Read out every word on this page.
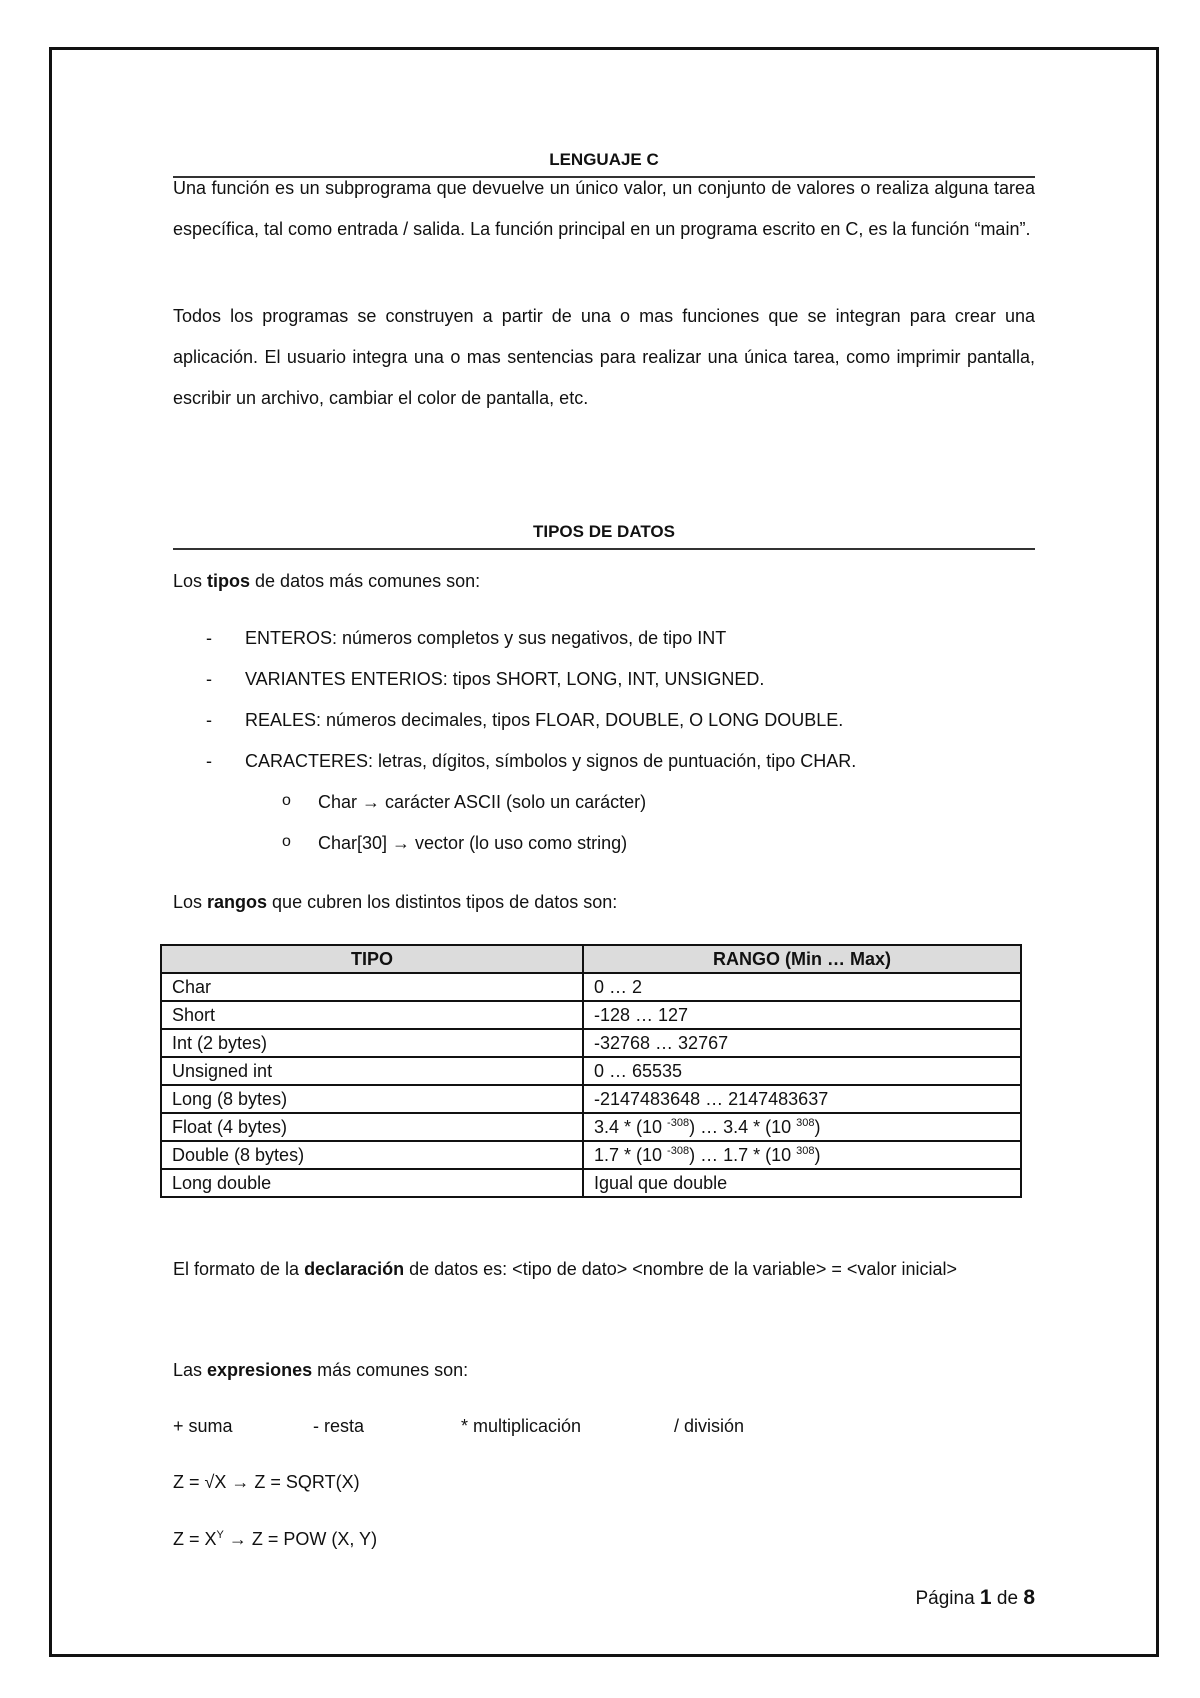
LENGUAJE C
Una función es un subprograma que devuelve un único valor, un conjunto de valores o realiza alguna tarea específica, tal como entrada / salida. La función principal en un programa escrito en C, es la función “main”.
Todos los programas se construyen a partir de una o mas funciones que se integran para crear una aplicación. El usuario integra una o mas sentencias para realizar una única tarea, como imprimir pantalla, escribir un archivo, cambiar el color de pantalla, etc.
TIPOS DE DATOS
Los tipos de datos más comunes son:
- ENTEROS: números completos y sus negativos, de tipo INT
- VARIANTES ENTERIOS: tipos SHORT, LONG, INT, UNSIGNED.
- REALES: números decimales, tipos FLOAR, DOUBLE, O LONG DOUBLE.
- CARACTERES: letras, dígitos, símbolos y signos de puntuación, tipo CHAR.
o Char → carácter ASCII (solo un carácter)
o Char[30] → vector (lo uso como string)
Los rangos que cubren los distintos tipos de datos son:
TIPO	RANGO (Min … Max)
Char	0 … 2
Short	-128 … 127
Int (2 bytes)	-32768 … 32767
Unsigned int	0 … 65535
Long (8 bytes)	-2147483648 … 2147483637
Float (4 bytes)	3.4 * (10 $^{-308}$) … 3.4 * (10 $^{308}$)
Double (8 bytes)	1.7 * (10 $^{-308}$) … 1.7 * (10 $^{308}$)
Long double	Igual que double
El formato de la declaración de datos es: <tipo de dato> <nombre de la variable> = <valor inicial>
Las expresiones más comunes son:
+ suma	- resta	* multiplicación	/ división
Z = √X → Z = SQRT(X)
$Z = X^Y \to Z$ = POW (X, Y)
Página 1 de 8
